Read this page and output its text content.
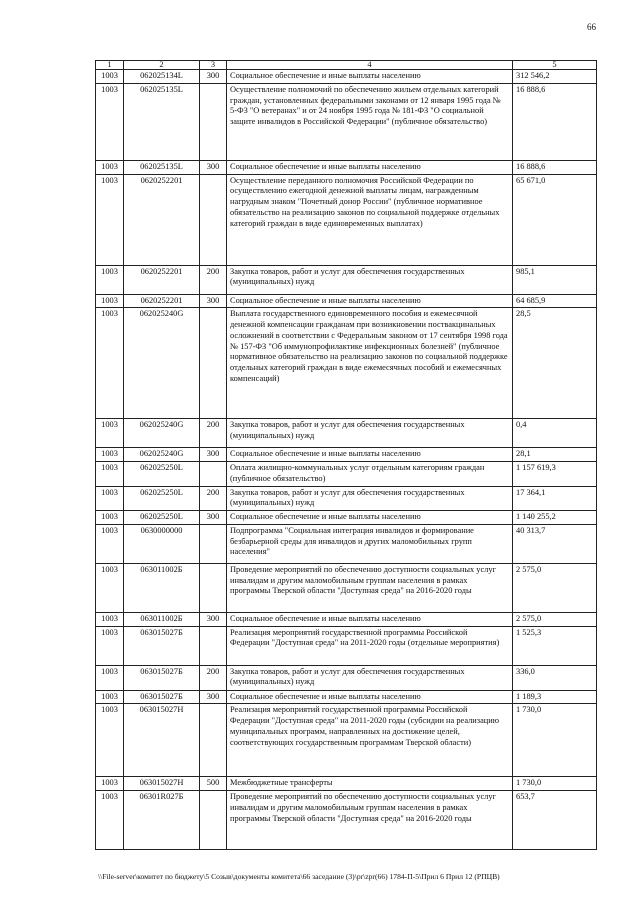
66
1	2	3	4	5
1003	062025134L	300	Социальное обеспечение и иные выплаты населению	312 546,2
1003	062025135L		Осуществление полномочий по обеспечению жильем отдельных категорий граждан, установленных федеральными законами от 12 января 1995 года № 5-ФЗ "О ветеранах" и от 24 ноября 1995 года № 181-ФЗ "О социальной защите инвалидов в Российской Федерации" (публичное обязательство)	16 888,6
1003	062025135L	300	Социальное обеспечение и иные выплаты населению	16 888,6
1003	0620252201		Осуществление переданного полномочия Российской Федерации по осуществлению ежегодной денежной выплаты лицам, награжденным нагрудным знаком "Почетный донор России" (публичное нормативное обязательство на реализацию законов по социальной поддержке отдельных категорий граждан в виде единовременных выплатах)	65 671,0
1003	0620252201	200	Закупка товаров, работ и услуг для обеспечения государственных (муниципальных) нужд	985,1
1003	0620252201	300	Социальное обеспечение и иные выплаты населению	64 685,9
1003	062025240G		Выплата государственного единовременного пособия и ежемесячной денежной компенсации гражданам при возникновении поствакцинальных осложнений в соответствии с Федеральным законом от 17 сентября 1998 года № 157-ФЗ "Об иммунопрофилактике инфекционных болезней" (публичное нормативное обязательство на реализацию законов по социальной поддержке отдельных категорий граждан в виде ежемесячных пособий и ежемесячных компенсаций)	28,5
1003	062025240G	200	Закупка товаров, работ и услуг для обеспечения государственных (муниципальных) нужд	0,4
1003	062025240G	300	Социальное обеспечение и иные выплаты населению	28,1
1003	062025250L		Оплата жилищно-коммунальных услуг отдельным категориям граждан (публичное обязательство)	1 157 619,3
1003	062025250L	200	Закупка товаров, работ и услуг для обеспечения государственных (муниципальных) нужд	17 364,1
1003	062025250L	300	Социальное обеспечение и иные выплаты населению	1 140 255,2
1003	0630000000		Подпрограмма "Социальная интеграция инвалидов и формирование безбарьерной среды для инвалидов и других маломобильных групп населения"	40 313,7
1003	063011002Б		Проведение мероприятий по обеспечению доступности социальных услуг инвалидам и другим маломобильным группам населения в рамках программы Тверской области "Доступная среда" на 2016-2020 годы	2 575,0
1003	063011002Б	300	Социальное обеспечение и иные выплаты населению	2 575,0
1003	063015027Б		Реализация мероприятий государственной программы Российской Федерации "Доступная среда" на 2011-2020 годы (отдельные мероприятия)	1 525,3
1003	063015027Б	200	Закупка товаров, работ и услуг для обеспечения государственных (муниципальных) нужд	336,0
1003	063015027Б	300	Социальное обеспечение и иные выплаты населению	1 189,3
1003	063015027Н		Реализация мероприятий государственной программы Российской Федерации "Доступная среда" на 2011-2020 годы (субсидии на реализацию муниципальных программ, направленных на достижение целей, соответствующих государственным программам Тверской области)	1 730,0
1003	063015027Н	500	Межбюджетные трансферты	1 730,0
1003	06301R027Б		Проведение мероприятий по обеспечению доступности социальных услуг инвалидам и другим маломобильным группам населения в рамках программы Тверской области "Доступная среда" на 2016-2020 годы	653,7
\\File-server\комитет по бюджету\5 Созыв\документы комитета\66 заседание (3)\pr\zpr(66) 1784-П-5\Прил 6 Прил 12 (РПЦВ)
